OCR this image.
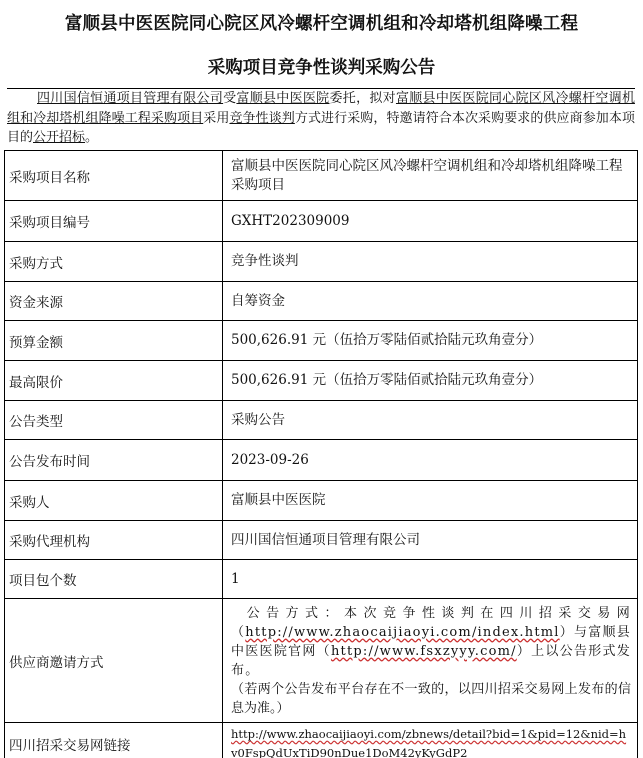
富顺县中医医院同心院区风冷螺杆空调机组和冷却塔机组降噪工程
采购项目竞争性谈判采购公告
四川国信恒通项目管理有限公司受富顺县中医医院委托，拟对富顺县中医医院同心院区风冷螺杆空调机组和冷却塔机组降噪工程采购项目采用竞争性谈判方式进行采购，特邀请符合本次采购要求的供应商参加本项目的公开招标。
采购项目名称	富顺县中医医院同心院区风冷螺杆空调机组和冷却塔机组降噪工程采购项目
采购项目编号	GXHT202309009
采购方式	竞争性谈判
资金来源	自筹资金
预算金额	500,626.91 元（伍拾万零陆佰贰拾陆元玖角壹分）
最高限价	500,626.91 元（伍拾万零陆佰贰拾陆元玖角壹分）
公告类型	采购公告
公告发布时间	2023-09-26
采购人	富顺县中医医院
采购代理机构	四川国信恒通项目管理有限公司
项目包个数	1
供应商邀请方式	公告方式：本次竞争性谈判在四川招采交易网（http://www.zhaocaijiaoyi.com/index.html）与富顺县中医医院官网（http://www.fsxzyyy.com/）上以公告形式发布。

（若两个公告发布平台存在不一致的，以四川招采交易网上发布的信息为准。）

四川招采交易网链接	http://www.zhaocaijiaoyi.com/zbnews/detail?bid=1&pid=12&nid=hv0FspQdUxTiD90nDue1DoM42yKyGdP2
